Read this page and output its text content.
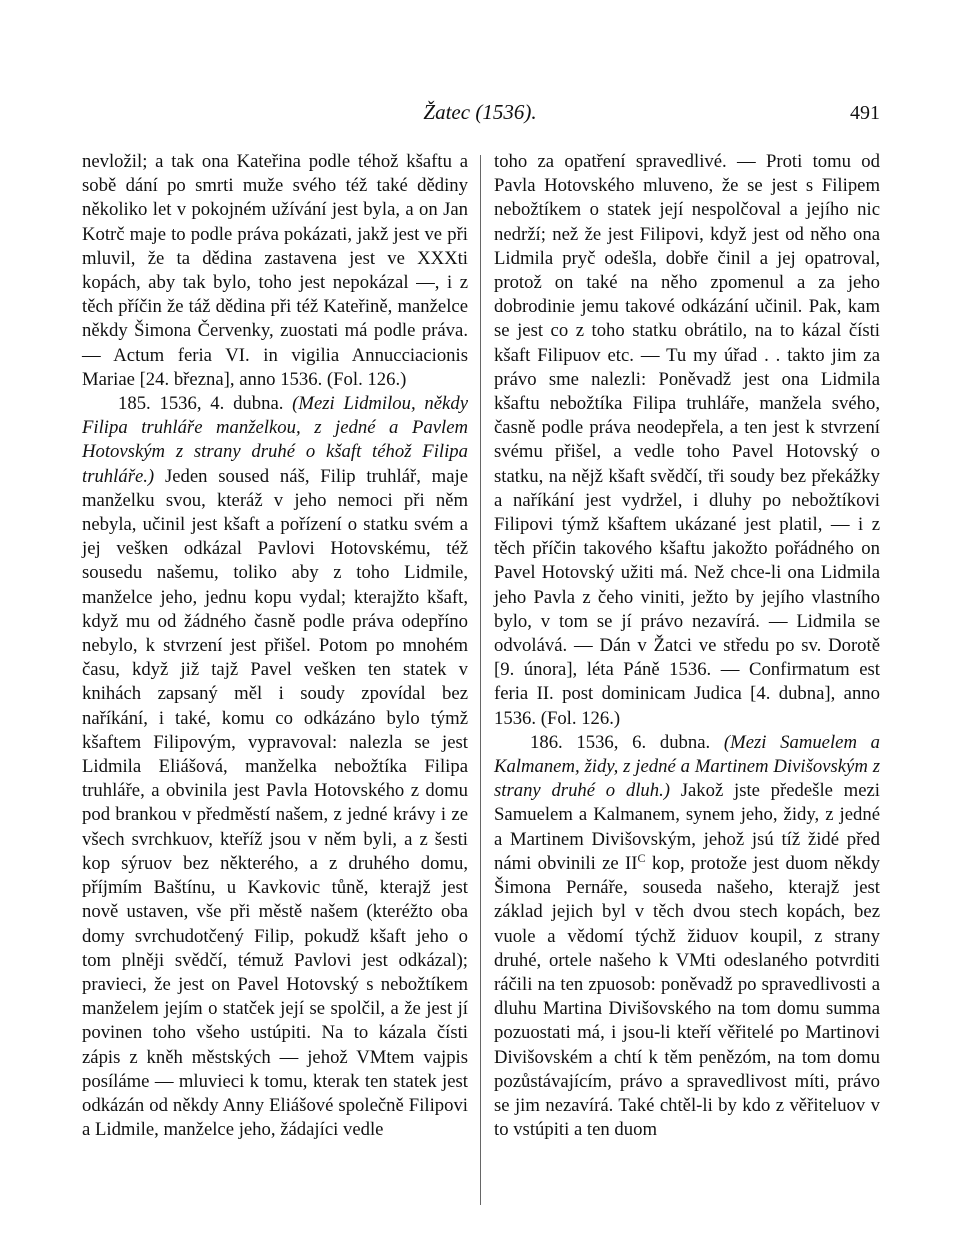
Žatec (1536).	491

nevložil; a tak ona Kateřina podle téhož kšaftu a sobě dání po smrti muže svého též také dědiny několiko let v pokojném užívání jest byla, a on Jan Kotrč maje to podle práva pokázati, jakž jest ve při mluvil, že ta dědina zastavena jest ve XXXti kopách, aby tak bylo, toho jest nepokázal —, i z těch příčin že táž dědina při též Kateřině, manželce někdy Šimona Červenky, zuostati má podle práva. — Actum feria VI. in vigilia Annucciacionis Mariae [24. března], anno 1536. (Fol. 126.)

185. 1536, 4. dubna. (Mezi Lidmilou, někdy Filipa truhláře manželkou, z jedné a Pavlem Hotovským z strany druhé o kšaft téhož Filipa truhláře.) Jeden soused náš, Filip truhlář, maje manželku svou, kteráž v jeho nemoci při něm nebyla, učinil jest kšaft a pořízení o statku svém a jej vešken odkázal Pavlovi Hotovskému, též sousedu našemu, toliko aby z toho Lidmile, manželce jeho, jednu kopu vydal; kterajžto kšaft, když mu od žádného časně podle práva odepříno nebylo, k stvrzení jest přišel. Potom po mnohém času, když již tajž Pavel vešken ten statek v knihách zapsaný měl i soudy zpovídal bez naříkání, i také, komu co odkázáno bylo týmž kšaftem Filipovým, vypravoval: nalezla se jest Lidmila Eliášová, manželka nebožtíka Filipa truhláře, a obvinila jest Pavla Hotovského z domu pod brankou v předměstí našem, z jedné krávy i ze všech svrchkuov, kteříž jsou v něm byli, a z šesti kop sýruov bez některého, a z druhého domu, příjmím Baštínu, u Kavkovic tůně, kterajž jest nově ustaven, vše při městě našem (kteréžto oba domy svrchudotčený Filip, pokudž kšaft jeho o tom plněji svědčí, témuž Pavlovi jest odkázal); pravieci, že jest on Pavel Hotovský s nebožtíkem manželem jejím o statček její se spolčil, a že jest jí povinen toho všeho ustúpiti. Na to kázala čísti zápis z kněh městských — jehož VMtem vajpis posíláme — mluvieci k tomu, kterak ten statek jest odkázán od někdy Anny Eliášové společně Filipovi a Lidmile, manželce jeho, žádajíci vedle

toho za opatření spravedlivé. — Proti tomu od Pavla Hotovského mluveno, že se jest s Filipem nebožtíkem o statek její nespolčoval a jejího nic nedrží; než že jest Filipovi, když jest od něho ona Lidmila pryč odešla, dobře činil a jej opatroval, protož on také na něho zpomenul a za jeho dobrodinie jemu takové odkázání učinil. Pak, kam se jest co z toho statku obrátilo, na to kázal čísti kšaft Filipuov etc. — Tu my úřad . . takto jim za právo sme nalezli: Poněvadž jest ona Lidmila kšaftu nebožtíka Filipa truhláře, manžela svého, časně podle práva neodepřela, a ten jest k stvrzení svému přišel, a vedle toho Pavel Hotovský o statku, na nějž kšaft svědčí, tři soudy bez překážky a naříkání jest vydržel, i dluhy po nebožtíkovi Filipovi týmž kšaftem ukázané jest platil, — i z těch příčin takového kšaftu jakožto pořádného on Pavel Hotovský užiti má. Než chce-li ona Lidmila jeho Pavla z čeho viniti, ježto by jejího vlastního bylo, v tom se jí právo nezavírá. — Lidmila se odvolává. — Dán v Žatci ve středu po sv. Dorotě [9. února], léta Páně 1536. — Confirmatum est feria II. post dominicam Judica [4. dubna], anno 1536. (Fol. 126.)

186. 1536, 6. dubna. (Mezi Samuelem a Kalmanem, židy, z jedné a Martinem Divišovským z strany druhé o dluh.) Jakož jste předešle mezi Samuelem a Kalmanem, synem jeho, židy, z jedné a Martinem Divišovským, jehož jsú tíž židé před námi obvinili ze $II^C$ kop, protože jest duom někdy Šimona Pernáře, souseda našeho, kterajž jest základ jejich byl v těch dvou stech kopách, bez vuole a vědomí týchž židuov koupil, z strany druhé, ortele našeho k VMti odeslaného potvrditi ráčili na ten zpuosob: poněvadž po spravedlivosti a dluhu Martina Divišovského na tom domu summa pozuostati má, i jsou-li kteří věřitelé po Martinovi Divišovském a chtí k těm penězóm, na tom domu pozůstávajícím, právo a spravedlivost míti, právo se jim nezavírá. Také chtěl-li by kdo z věřiteluov v to vstúpiti a ten duom
